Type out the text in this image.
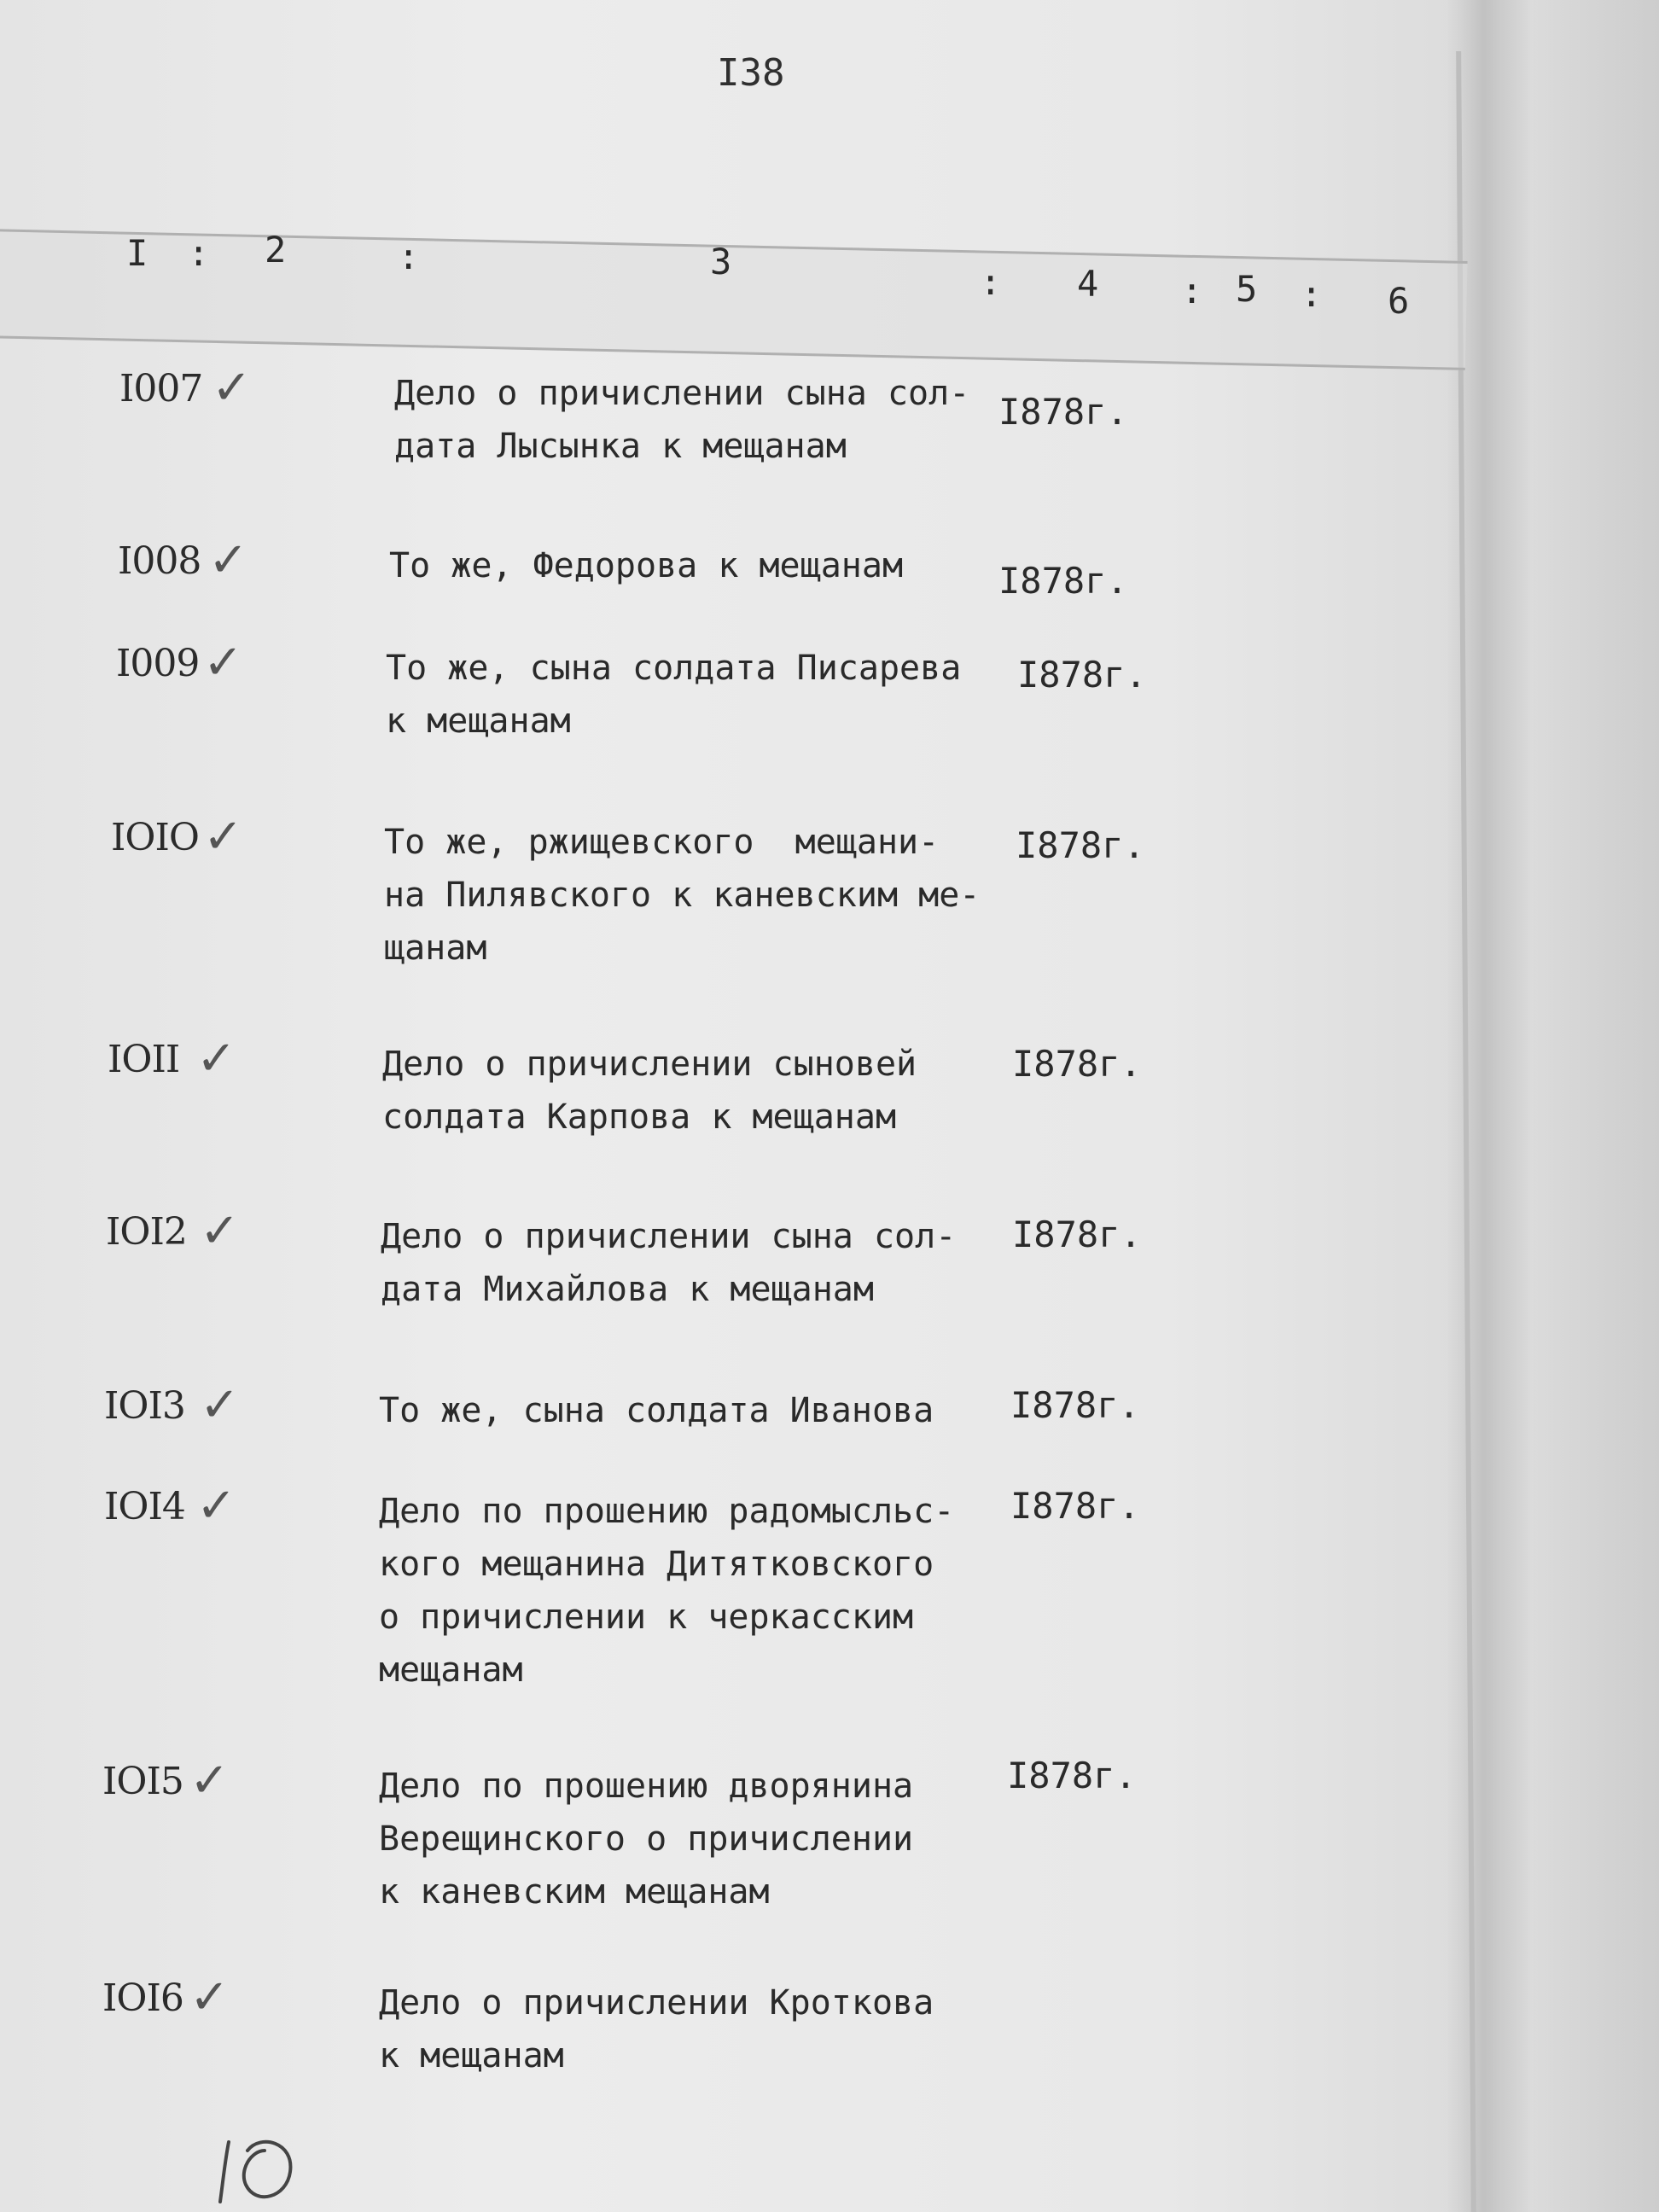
I38
I : 2	:	3	: 4 : 5 : 6
I007 ✓	Дело о причислении сына сол-
дата Лысынка к мещанам
I878г.
I008 ✓	То же, Федорова к мещанам	I878г.
I009 ✓	То же, сына солдата Писарева
к мещанам
I878г.
IOIO ✓	То же, ржищевского  мещани-
на Пилявского к каневским ме-
щанам
I878г.
IOII ✓	Дело о причислении сыновей
солдата Карпова к мещанам
I878г.
IOI2 ✓	Дело о причислении сына сол-
дата Михайлова к мещанам
I878г.
IOI3 ✓	То же, сына солдата Иванова I878г.
IOI4 ✓	Дело по прошению радомысльс-
кого мещанина Дитятковского
о причислении к черкасским
мещанам
I878г.
IOI5 ✓	Дело по прошению дворянина
Верещинского о причислении
к каневским мещанам
I878г.
IOI6 ✓	Дело о причислении Кроткова
к мещанам
